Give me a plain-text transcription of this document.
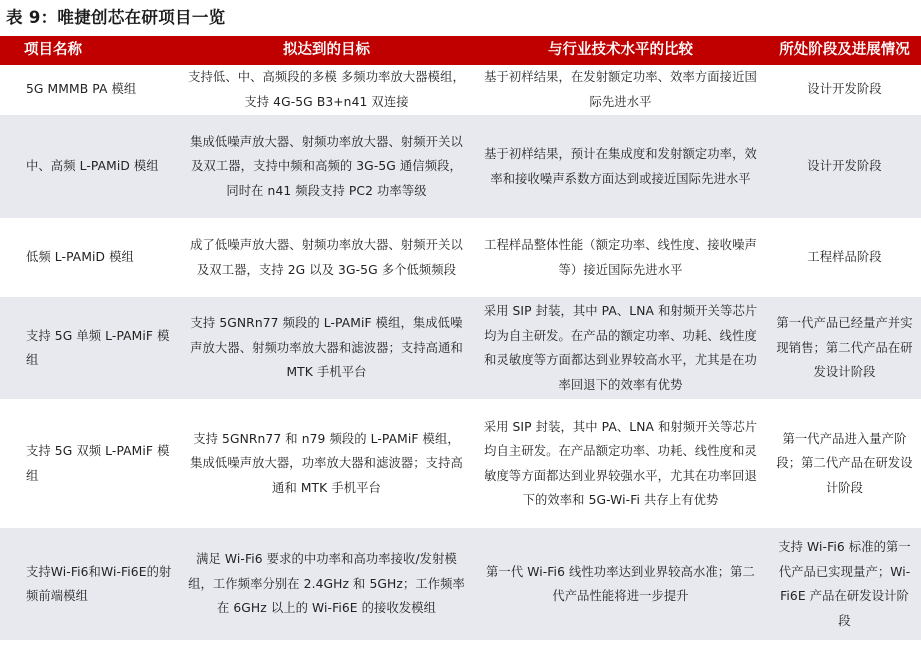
表 9：唯捷创芯在研项目一览
项目名称	拟达到的目标	与行业技术水平的比较	所处阶段及进展情况
5G MMMB PA 模组	支持低、中、高频段的多模 多频功率放大器模组，支持 4G-5G B3+n41 双连接	基于初样结果，在发射额定功率、效率方面接近国际先进水平	设计开发阶段
中、高频 L-PAMiD 模组	集成低噪声放大器、射频功率放大器、射频开关以及双工器，支持中频和高频的 3G-5G 通信频段，同时在 n41 频段支持 PC2 功率等级	基于初样结果，预计在集成度和发射额定功率，效率和接收噪声系数方面达到或接近国际先进水平	设计开发阶段
低频 L-PAMiD 模组	成了低噪声放大器、射频功率放大器、射频开关以及双工器，支持 2G 以及 3G-5G 多个低频频段	工程样品整体性能（额定功率、线性度、接收噪声等）接近国际先进水平	工程样品阶段
支持 5G 单频 L-PAMiF 模组	支持 5GNRn77 频段的 L-PAMiF 模组，集成低噪声放大器、射频功率放大器和滤波器；支持高通和 MTK 手机平台	采用 SIP 封装，其中 PA、LNA 和射频开关等芯片均为自主研发。在产品的额定功率、功耗、线性度和灵敏度等方面都达到业界较高水平，尤其是在功率回退下的效率有优势	第一代产品已经量产并实现销售；第二代产品在研发设计阶段
支持 5G 双频 L-PAMiF 模组	支持 5GNRn77 和 n79 频段的 L-PAMiF 模组，集成低噪声放大器，功率放大器和滤波器；支持高通和 MTK 手机平台	采用 SIP 封装，其中 PA、LNA 和射频开关等芯片均自主研发。在产品额定功率、功耗、线性度和灵敏度等方面都达到业界较强水平，尤其在功率回退下的效率和 5G-Wi-Fi 共存上有优势	第一代产品进入量产阶段；第二代产品在研发设计阶段
支持Wi-Fi6和Wi-Fi6E的射频前端模组	满足 Wi-Fi6 要求的中功率和高功率接收/发射模组，工作频率分别在 2.4GHz 和 5GHz；工作频率在 6GHz 以上的 Wi-Fi6E 的接收发模组	第一代 Wi-Fi6 线性功率达到业界较高水准；第二代产品性能将进一步提升	支持 Wi-Fi6 标准的第一代产品已实现量产；Wi-Fi6E 产品在研发设计阶段
